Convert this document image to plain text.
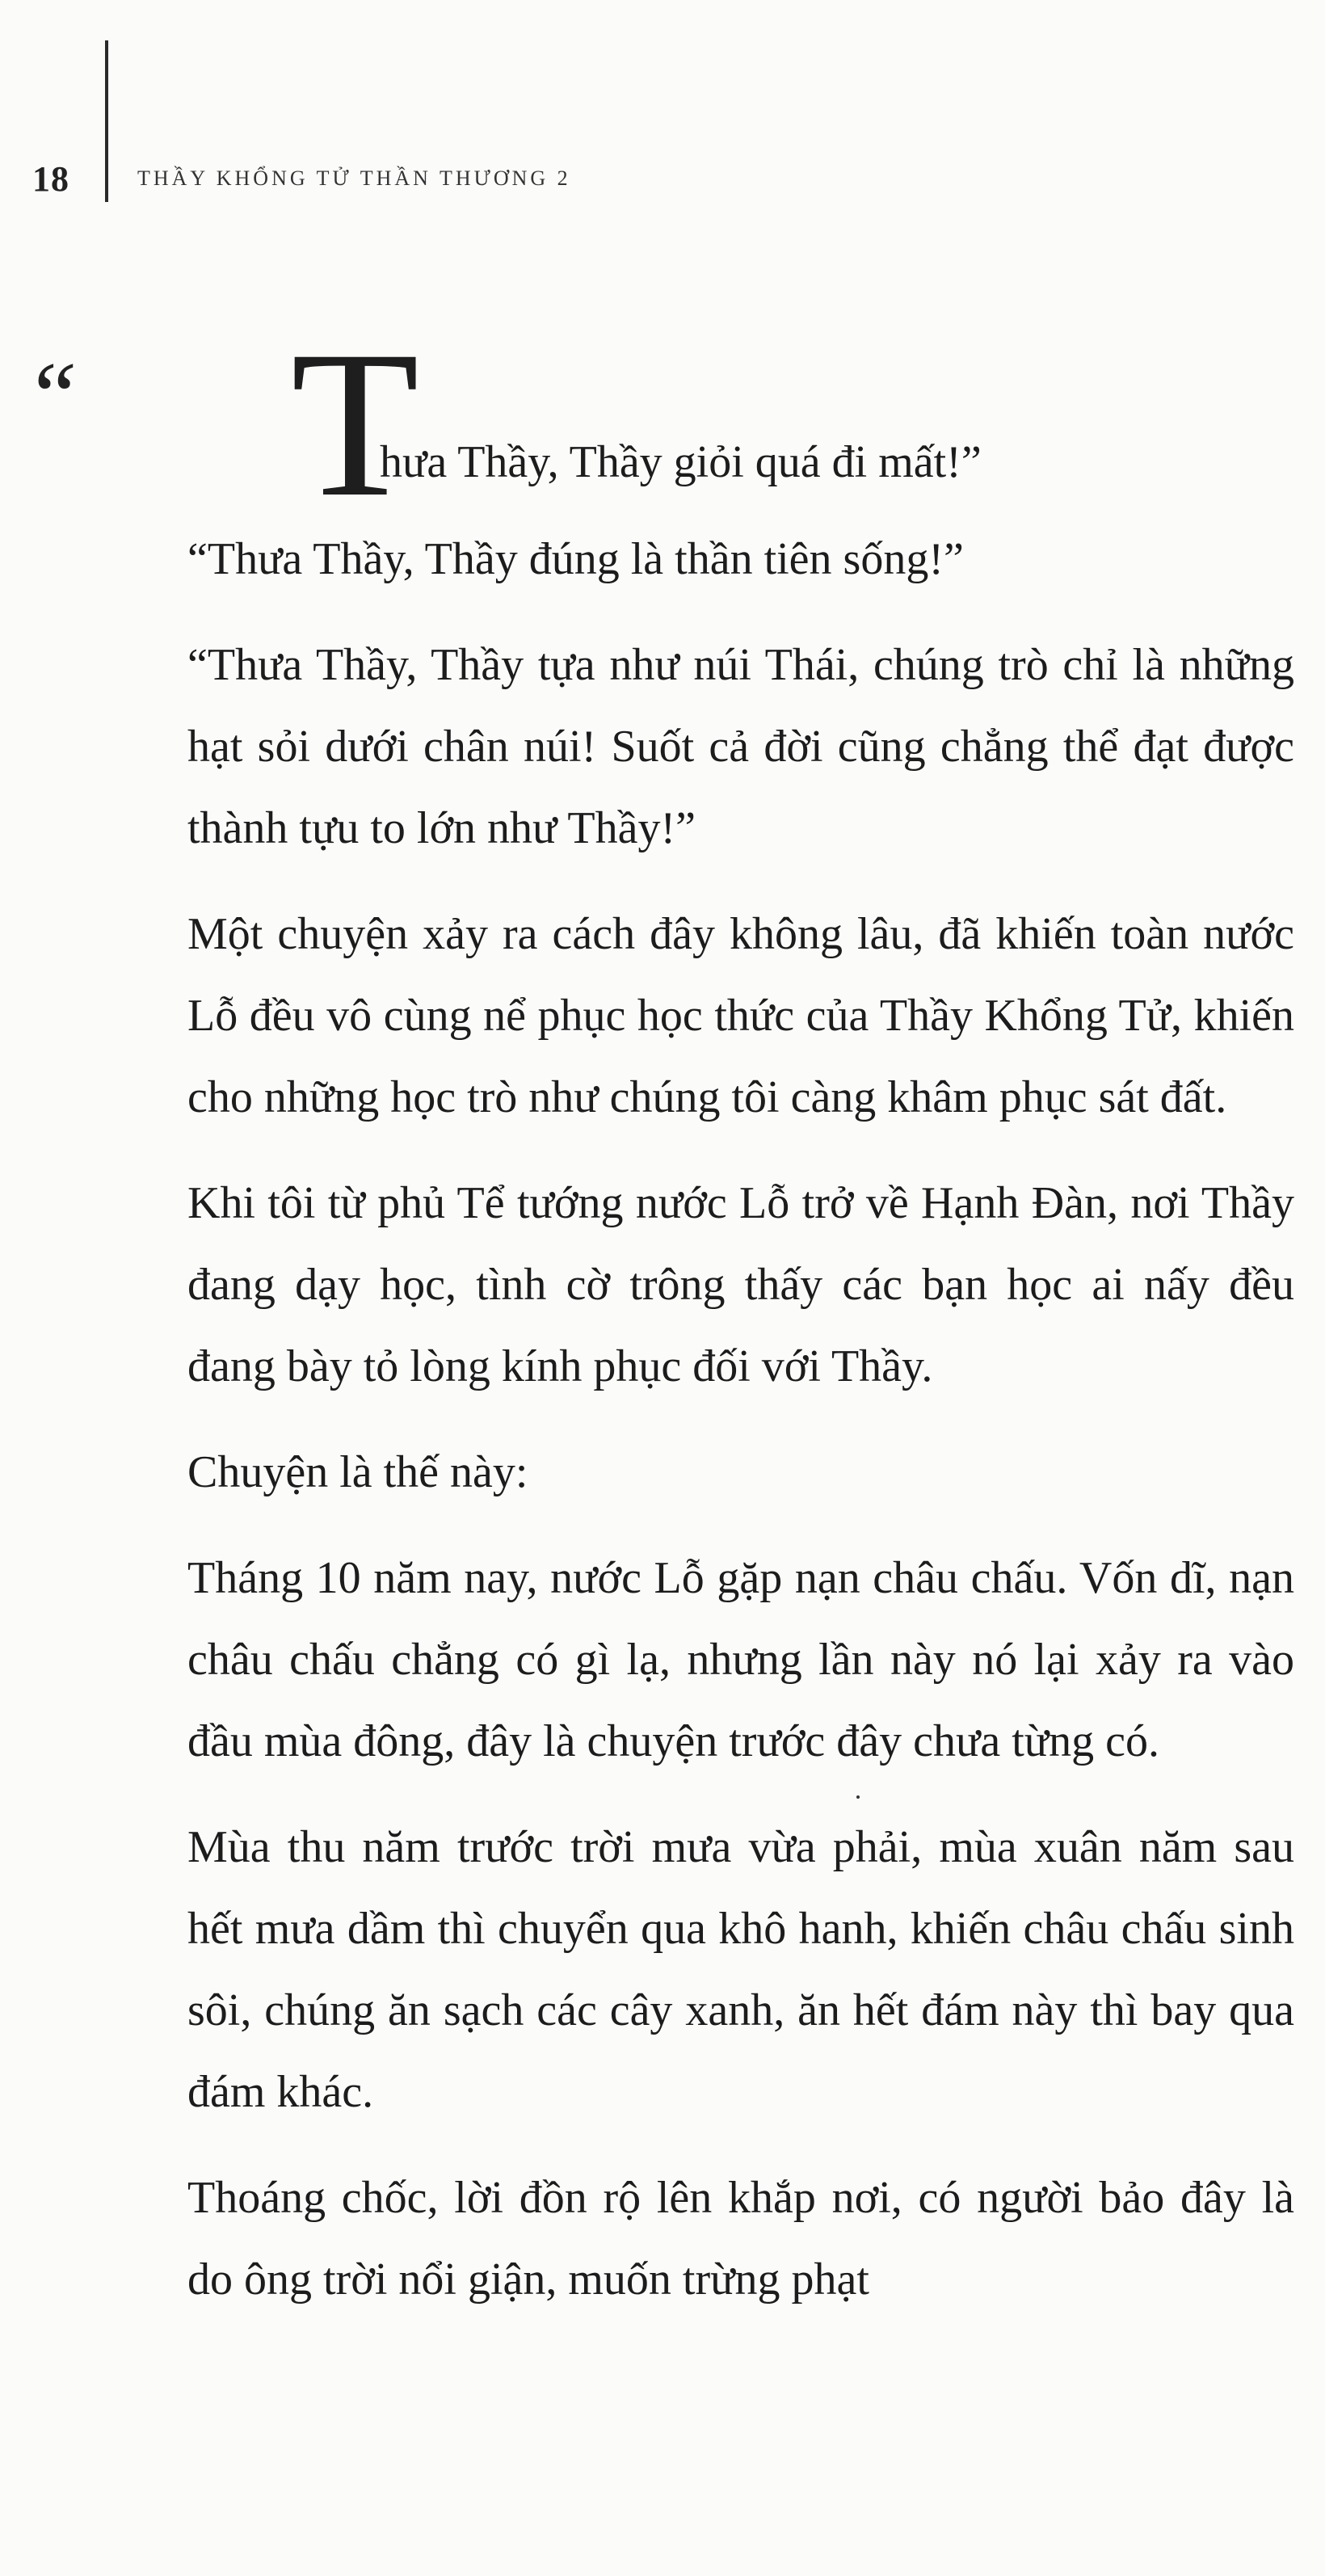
18	THẦY KHỔNG TỬ THẦN THƯƠNG 2
“ T
hưa Thầy, Thầy giỏi quá đi mất!”

“Thưa Thầy, Thầy đúng là thần tiên sống!”

“Thưa Thầy, Thầy tựa như núi Thái, chúng trò chỉ là những hạt sỏi dưới chân núi! Suốt cả đời cũng chẳng thể đạt được thành tựu to lớn như Thầy!”

Một chuyện xảy ra cách đây không lâu, đã khiến toàn nước Lỗ đều vô cùng nể phục học thức của Thầy Khổng Tử, khiến cho những học trò như chúng tôi càng khâm phục sát đất.

Khi tôi từ phủ Tể tướng nước Lỗ trở về Hạnh Đàn, nơi Thầy đang dạy học, tình cờ trông thấy các bạn học ai nấy đều đang bày tỏ lòng kính phục đối với Thầy.

Chuyện là thế này:

Tháng 10 năm nay, nước Lỗ gặp nạn châu chấu. Vốn dĩ, nạn châu chấu chẳng có gì lạ, nhưng lần này nó lại xảy ra vào đầu mùa đông, đây là chuyện trước đây chưa từng có.

Mùa thu năm trước trời mưa vừa phải, mùa xuân năm sau hết mưa dầm thì chuyển qua khô hanh, khiến châu chấu sinh sôi, chúng ăn sạch các cây xanh, ăn hết đám này thì bay qua đám khác.

Thoáng chốc, lời đồn rộ lên khắp nơi, có người bảo đây là do ông trời nổi giận, muốn trừng phạt
